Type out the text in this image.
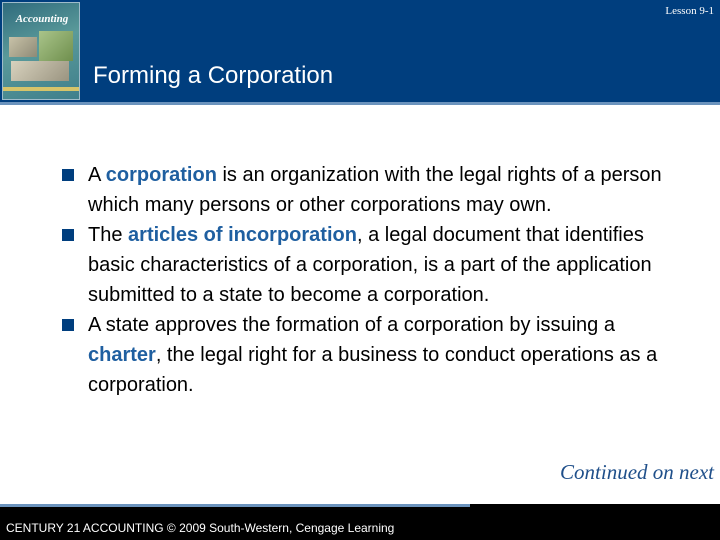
Accounting
Lesson 9-1
Forming a Corporation
A corporation is an organization with the legal rights of a person which many persons or other corporations may own.
The articles of incorporation, a legal document that identifies basic characteristics of a corporation, is a part of the application submitted to a state to become a corporation.
A state approves the formation of a corporation by issuing a charter, the legal right for a business to conduct operations as a corporation.
Continued on next
CENTURY 21 ACCOUNTING © 2009 South-Western, Cengage Learning
